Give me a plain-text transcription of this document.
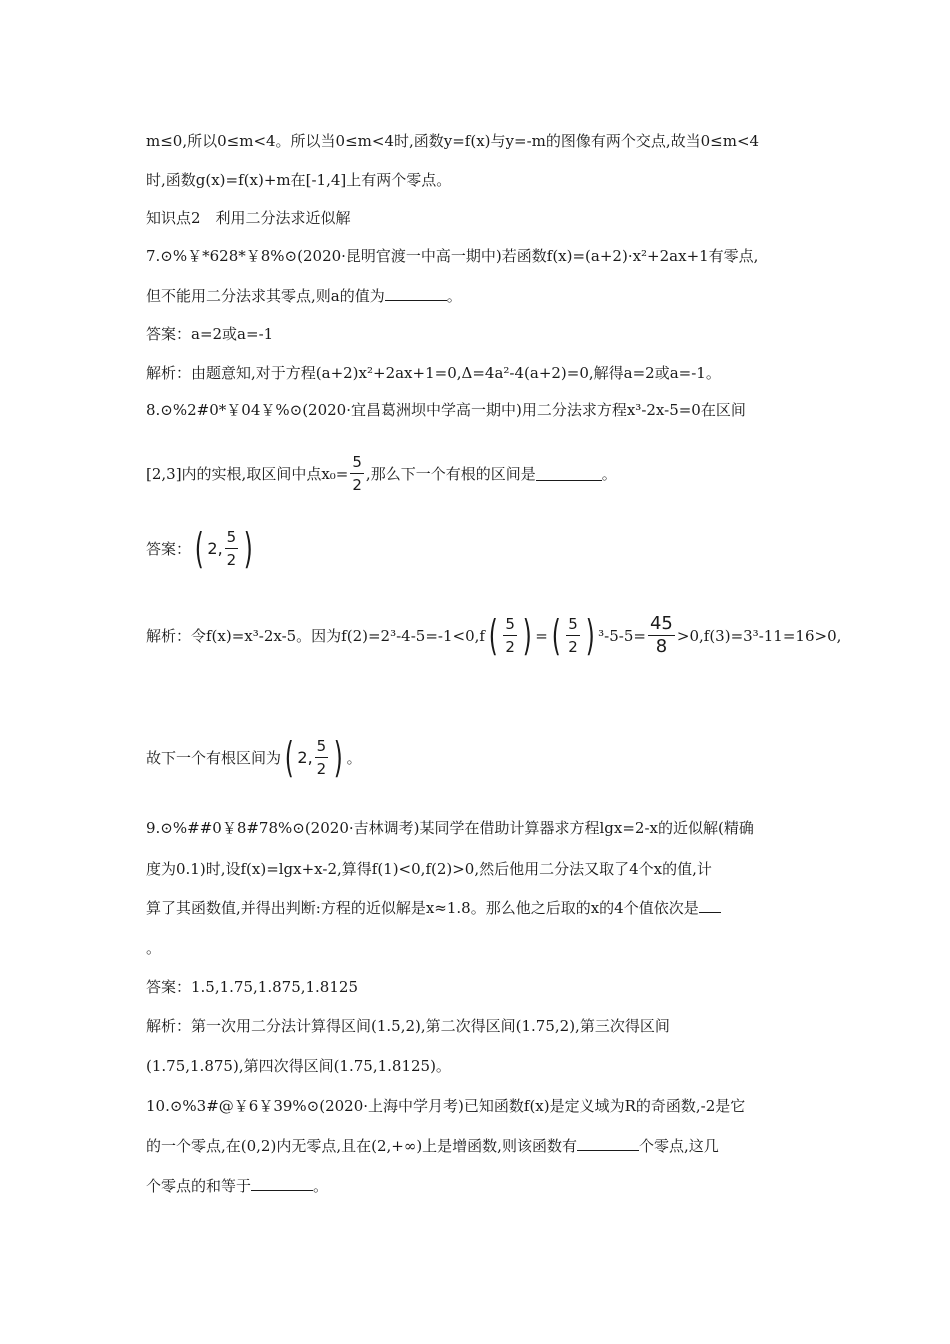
m≤0,所以0≤m<4。所以当0≤m<4时,函数y=f(x)与y=-m的图像有两个交点,故当0≤m<4
时,函数g(x)=f(x)+m在[-1,4]上有两个零点。
知识点2　利用二分法求近似解
7.⊙%￥*628*￥8%⊙(2020·昆明官渡一中高一期中)若函数f(x)=(a+2)·x²+2ax+1有零点,
但不能用二分法求其零点,则a的值为	。
答案：a=2或a=-1
解析：由题意知,对于方程(a+2)x²+2ax+1=0,Δ=4a²-4(a+2)=0,解得a=2或a=-1。
8.⊙%2#0*￥04￥%⊙(2020·宜昌葛洲坝中学高一期中)用二分法求方程x³-2x-5=0在区间
[2,3]内的实根,取区间中点$x_0= \frac{5}{2}$ ,那么下一个有根的区间是	。
答案： ( 2, $\frac{5}{2}$ )
解析：令f(x)=x³-2x-5。因为f(2)=2³-4-5=-1<0,f ( $\frac{5}{2}$ ) = ( $\frac{5}{2}$ ) $^3-5-5= \frac{45}{8} >0,f(3)=3^3-11=16>0$,
故下一个有根区间为 ( 2, $\frac{5}{2}$ ) 。
9.⊙%##0￥8#78%⊙(2020·吉林调考)某同学在借助计算器求方程lgx=2-x的近似解(精确
度为0.1)时,设f(x)=lgx+x-2,算得f(1)<0,f(2)>0,然后他用二分法又取了4个x的值,计
算了其函数值,并得出判断:方程的近似解是x≈1.8。那么他之后取的x的4个值依次是
。
答案：1.5,1.75,1.875,1.8125
解析：第一次用二分法计算得区间(1.5,2),第二次得区间(1.75,2),第三次得区间
(1.75,1.875),第四次得区间(1.75,1.8125)。
10.⊙%3#@￥6￥39%⊙(2020·上海中学月考)已知函数f(x)是定义域为R的奇函数,-2是它
的一个零点,在(0,2)内无零点,且在(2,+∞)上是增函数,则该函数有	个零点,这几
个零点的和等于	。
